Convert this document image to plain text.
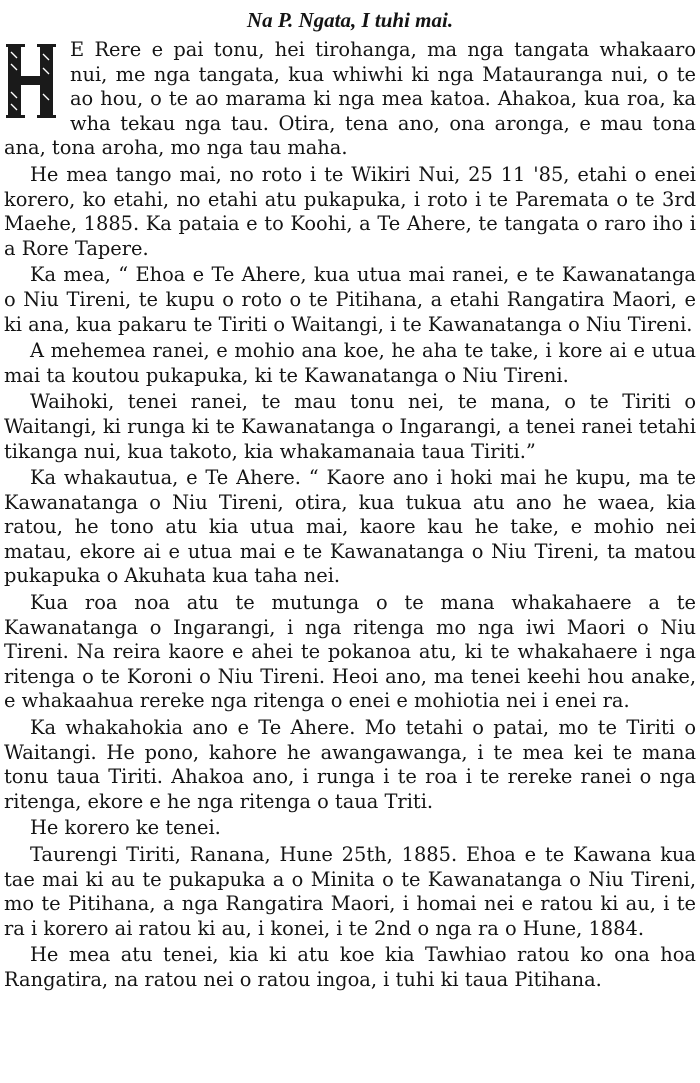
Na P. Ngata, I tuhi mai.

E Rere e pai tonu, hei tirohanga, ma nga tangata whakaaro nui, me nga tangata, kua whiwhi ki nga Matauranga nui, o te ao hou, o te ao marama ki nga mea katoa. Ahakoa, kua roa, ka wha tekau nga tau. Otira, tena ano, ona aronga, e mau tona ana, tona aroha, mo nga tau maha.

He mea tango mai, no roto i te Wikiri Nui, 25 11 '85, etahi o enei korero, ko etahi, no etahi atu pukapuka, i roto i te Paremata o te 3rd Maehe, 1885. Ka pataia e to Koohi, a Te Ahere, te tangata o raro iho i a Rore Tapere.

Ka mea, “ Ehoa e Te Ahere, kua utua mai ranei, e te Kawanatanga o Niu Tireni, te kupu o roto o te Pitihana, a etahi Rangatira Maori, e ki ana, kua pakaru te Tiriti o Waitangi, i te Kawanatanga o Niu Tireni.

A mehemea ranei, e mohio ana koe, he aha te take, i kore ai e utua mai ta koutou pukapuka, ki te Kawanatanga o Niu Tireni.

Waihoki, tenei ranei, te mau tonu nei, te mana, o te Tiriti o Waitangi, ki runga ki te Kawanatanga o Ingarangi, a tenei ranei tetahi tikanga nui, kua takoto, kia whakamanaia taua Tiriti.”

Ka whakautua, e Te Ahere. “ Kaore ano i hoki mai he kupu, ma te Kawanatanga o Niu Tireni, otira, kua tukua atu ano he waea, kia ratou, he tono atu kia utua mai, kaore kau he take, e mohio nei matau, ekore ai e utua mai e te Kawanatanga o Niu Tireni, ta matou pukapuka o Akuhata kua taha nei.

Kua roa noa atu te mutunga o te mana whakahaere a te Kawanatanga o Ingarangi, i nga ritenga mo nga iwi Maori o Niu Tireni. Na reira kaore e ahei te pokanoa atu, ki te whakahaere i nga ritenga o te Koroni o Niu Tireni. Heoi ano, ma tenei keehi hou anake, e whakaahua rereke nga ritenga o enei e mohiotia nei i enei ra.

Ka whakahokia ano e Te Ahere. Mo tetahi o patai, mo te Tiriti o Waitangi. He pono, kahore he awangawanga, i te mea kei te mana tonu taua Tiriti. Ahakoa ano, i runga i te roa i te rereke ranei o nga ritenga, ekore e he nga ritenga o taua Triti.

He korero ke tenei.

Taurengi Tiriti, Ranana, Hune 25th, 1885. Ehoa e te Kawana kua tae mai ki au te pukapuka a o Minita o te Kawanatanga o Niu Tireni, mo te Pitihana, a nga Rangatira Maori, i homai nei e ratou ki au, i te ra i korero ai ratou ki au, i konei, i te 2nd o nga ra o Hune, 1884.

He mea atu tenei, kia ki atu koe kia Tawhiao ratou ko ona hoa Rangatira, na ratou nei o ratou ingoa, i tuhi ki taua Pitihana.
